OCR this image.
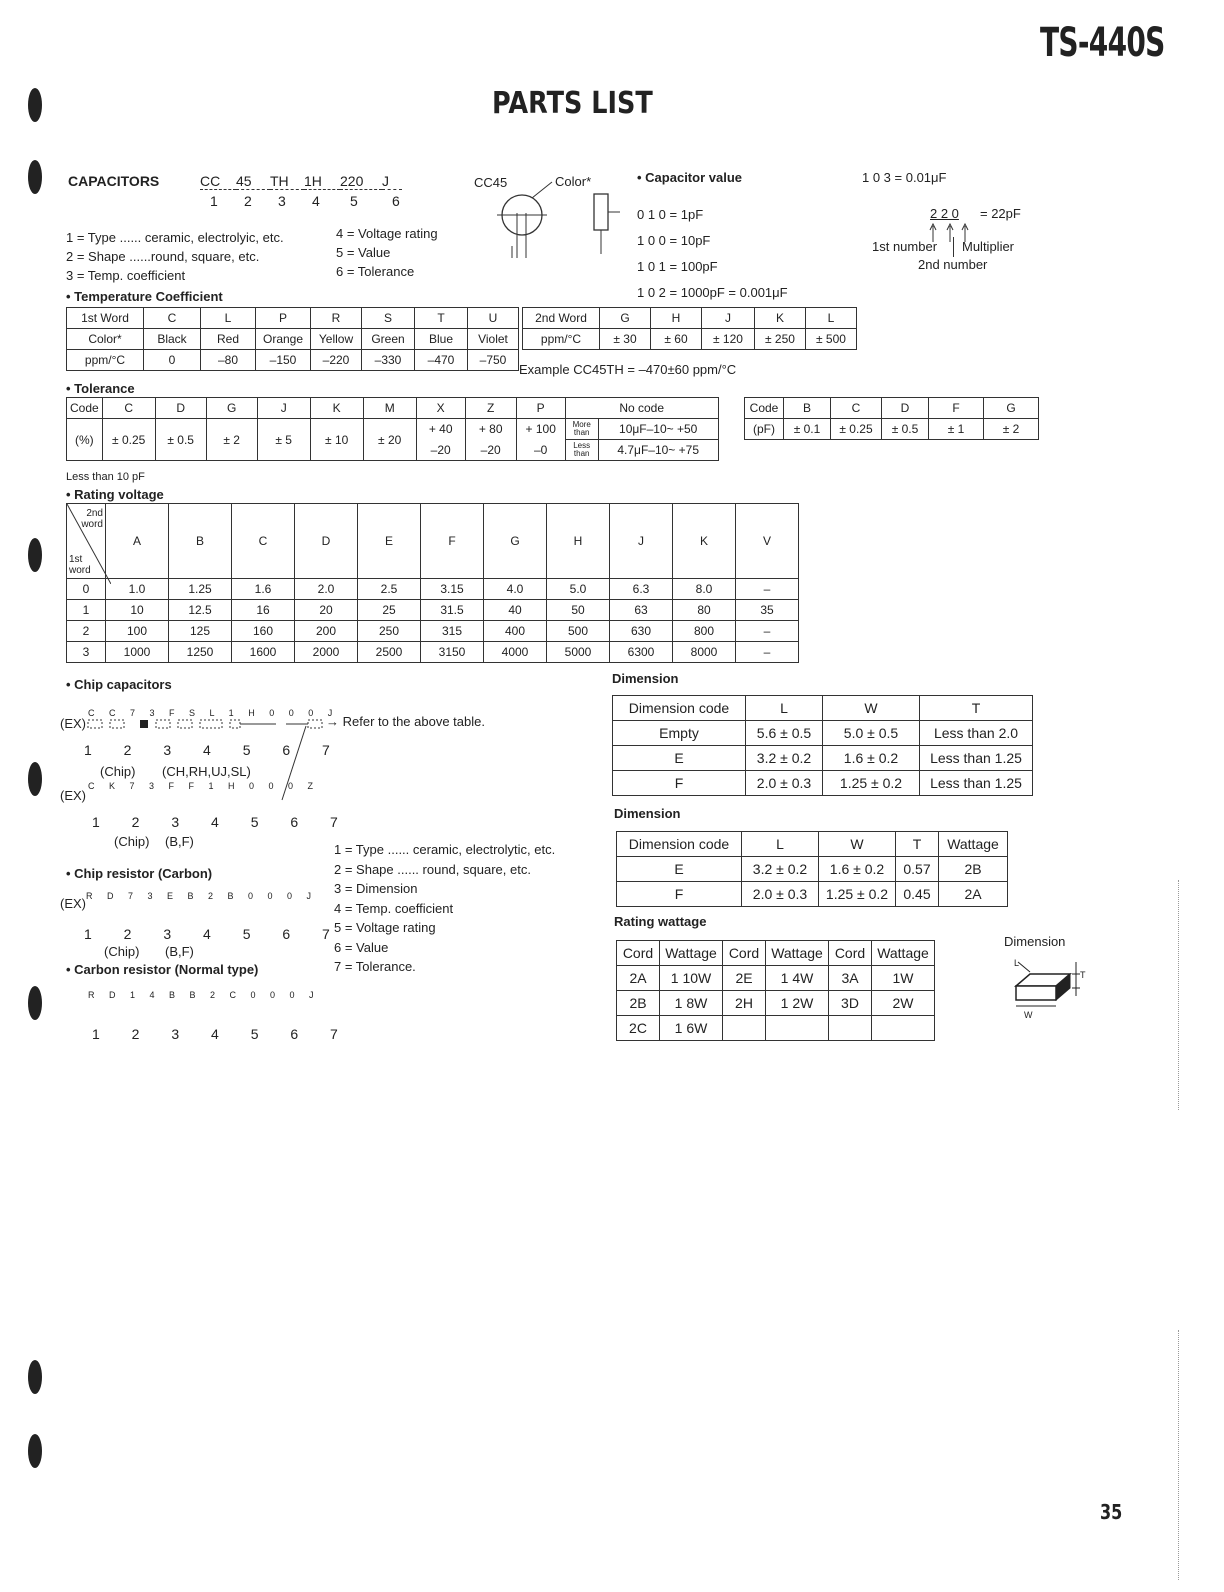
TS-440S
PARTS LIST
CAPACITORS	CC	45	TH	1H	220	J
1	2	3	4	5	6
1 = Type ...... ceramic, electrolyic, etc.
2 = Shape ......round, square, etc.
3 = Temp. coefficient
4 = Voltage rating
5 = Value
6 = Tolerance
CC45	Color*	• Capacitor value
0 1 0 = 1pF
1 0 0 = 10pF
1 0 1 = 100pF
1 0 2 = 1000pF = 0.001μF
1 0 3 = 0.01μF
2 2 0 = 22pF
1st number Multiplier
2nd number
• Temperature Coefficient
1st Word	C	L	P	R	S	T	U
Color*	Black	Red	Orange	Yellow	Green	Blue	Violet
ppm/°C	0	–80	–150	–220	–330	–470	–750
2nd Word	G	H	J	K	L
ppm/°C	± 30	± 60	± 120	± 250	± 500
Example CC45TH = –470±60 ppm/°C
• Tolerance
Code	C	D	G	J	K	M	X	Z	P	No code	
(%)	± 0.25	± 0.5	± 2	± 5	± 10	± 20	+ 40	+ 80	+ 100	More than	10μF–10~ +50
							–20	–20	–0	Less than	4.7μF–10~ +75
Code	B	C	D	F	G
(pF)	± 0.1	± 0.25	± 0.5	± 1	± 2
Less than 10 pF
• Rating voltage
2nd word
1st word	A	B	C	D	E	F	G	H	J	K	V
0	1.0	1.25	1.6	2.0	2.5	3.15	4.0	5.0	6.3	8.0	–
1	10	12.5	16	20	25	31.5	40	50	63	80	35
2	100	125	160	200	250	315	400	500	630	800	–
3	1000	1250	1600	2000	2500	3150	4000	5000	6300	8000	–
• Chip capacitors
C C 7 3 F S L 1 H 0 0 0 J
(EX)	→ Refer to the above table.
1 2 3 4 5 6 7
(Chip) (CH,RH,UJ,SL)
C K 7 3 F F 1 H 0 0 0 Z
(EX)
1 2 3 4 5 6 7
(Chip) (B,F)
1 = Type ...... ceramic, electrolytic, etc.
2 = Shape ...... round, square, etc.
3 = Dimension
4 = Temp. coefficient
5 = Voltage rating
6 = Value
7 = Tolerance.
• Chip resistor (Carbon)
R D 7 3 E B 2 B 0 0 0 J
(EX)
1 2 3 4 5 6 7
(Chip) (B,F)
• Carbon resistor (Normal type)
R D 1 4 B B 2 C 0 0 0 J
1 2 3 4 5 6 7
Dimension
Dimension code	L	W	T
Empty	5.6 ± 0.5	5.0 ± 0.5	Less than 2.0
E	3.2 ± 0.2	1.6 ± 0.2	Less than 1.25
F	2.0 ± 0.3	1.25 ± 0.2	Less than 1.25
Dimension
Dimension code	L	W	T	Wattage
E	3.2 ± 0.2	1.6 ± 0.2	0.57	2B
F	2.0 ± 0.3	1.25 ± 0.2	0.45	2A
Rating wattage
Cord	Wattage	Cord	Wattage	Cord	Wattage
2A	1 10W	2E	1 4W	3A	1W
2B	1 8W	2H	1 2W	3D	2W
2C	1 6W				
Dimension
L
T
W
35
